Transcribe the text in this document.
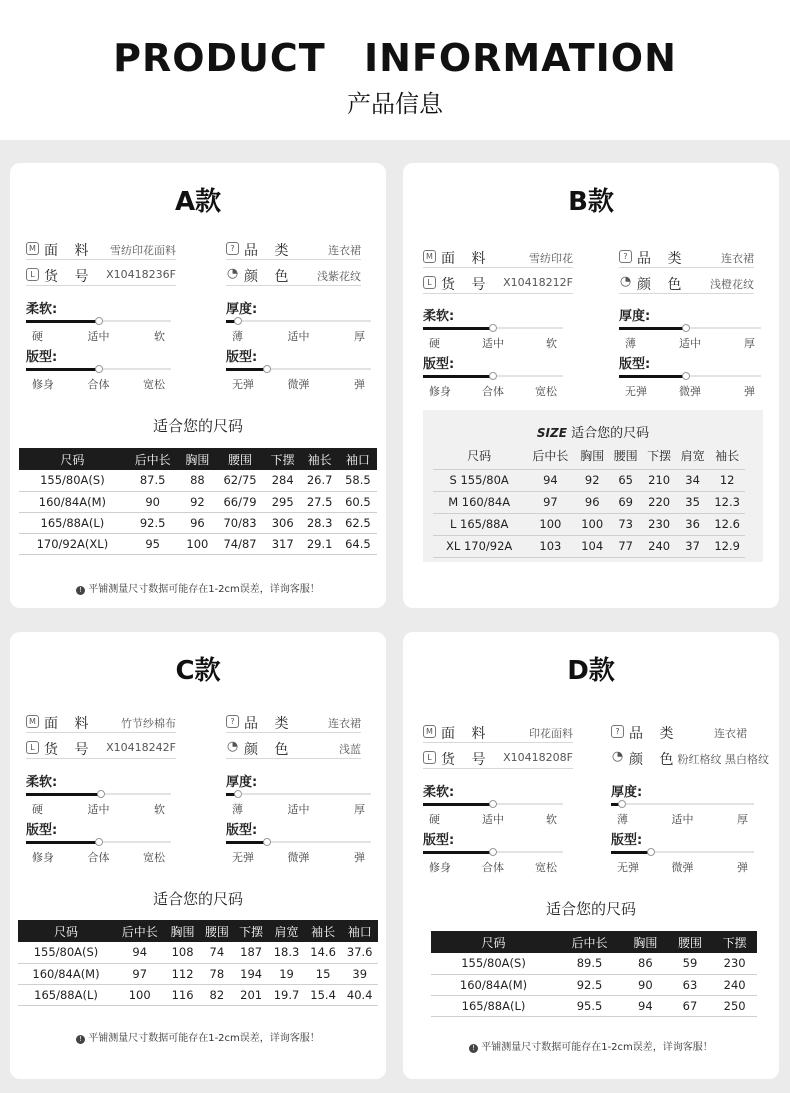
PRODUCT INFORMATION
产品信息
A款
M 面 料 雪纺印花面料	? 品 类	连衣裙
L 货 号 X10418236F	◔ 颜 色 浅紫花纹
柔软:
硬	适中	软
厚度:
薄	适中	厚
版型:
修身	合体	宽松
版型:
无弹	微弹	弹
适合您的尺码
尺码	后中长	胸围	腰围	下摆	袖长	袖口
155/80A(S)	87.5	88	62/75	284	26.7	58.5
160/84A(M)	90	92	66/79	295	27.5	60.5
165/88A(L)	92.5	96	70/83	306	28.3	62.5
170/92A(XL)	95	100	74/87	317	29.1	64.5
! 平铺测量尺寸数据可能存在1-2cm误差，详询客服！
B款
M 面 料	雪纺印花	? 品 类	连衣裙
L 货 号 X10418212F	◔ 颜 色 浅橙花纹
柔软:
硬	适中	软
厚度:
薄	适中	厚
版型:
修身	合体	宽松
版型:
无弹	微弹	弹
SIZE 适合您的尺码
尺码	后中长	胸围	腰围	下摆	肩宽	袖长
S 155/80A	94	92	65	210	34	12
M 160/84A	97	96	69	220	35	12.3
L 165/88A	100	100	73	230	36	12.6
XL 170/92A	103	104	77	240	37	12.9
C款
M 面 料 竹节纱棉布	? 品 类	连衣裙
L 货 号 X10418242F	◔ 颜 色	浅蓝
柔软:
硬	适中	软
厚度:
薄	适中	厚
版型:
修身	合体	宽松
版型:
无弹	微弹	弹
适合您的尺码
尺码	后中长	胸围	腰围	下摆	肩宽	袖长	袖口
155/80A(S)	94	108	74	187	18.3	14.6	37.6
160/84A(M)	97	112	78	194	19	15	39
165/88A(L)	100	116	82	201	19.7	15.4	40.4
! 平铺测量尺寸数据可能存在1-2cm误差，详询客服！
D款
M 面 料	印花面料	? 品 类	连衣裙
L 货 号 X10418208F	◔ 颜 色
粉红格纹 黑白格纹
柔软:
硬	适中	软
厚度:
薄	适中	厚
版型:
修身	合体	宽松
版型:
无弹	微弹	弹
适合您的尺码
尺码	后中长	胸围	腰围	下摆
155/80A(S)	89.5	86	59	230
160/84A(M)	92.5	90	63	240
165/88A(L)	95.5	94	67	250
! 平铺测量尺寸数据可能存在1-2cm误差，详询客服！
